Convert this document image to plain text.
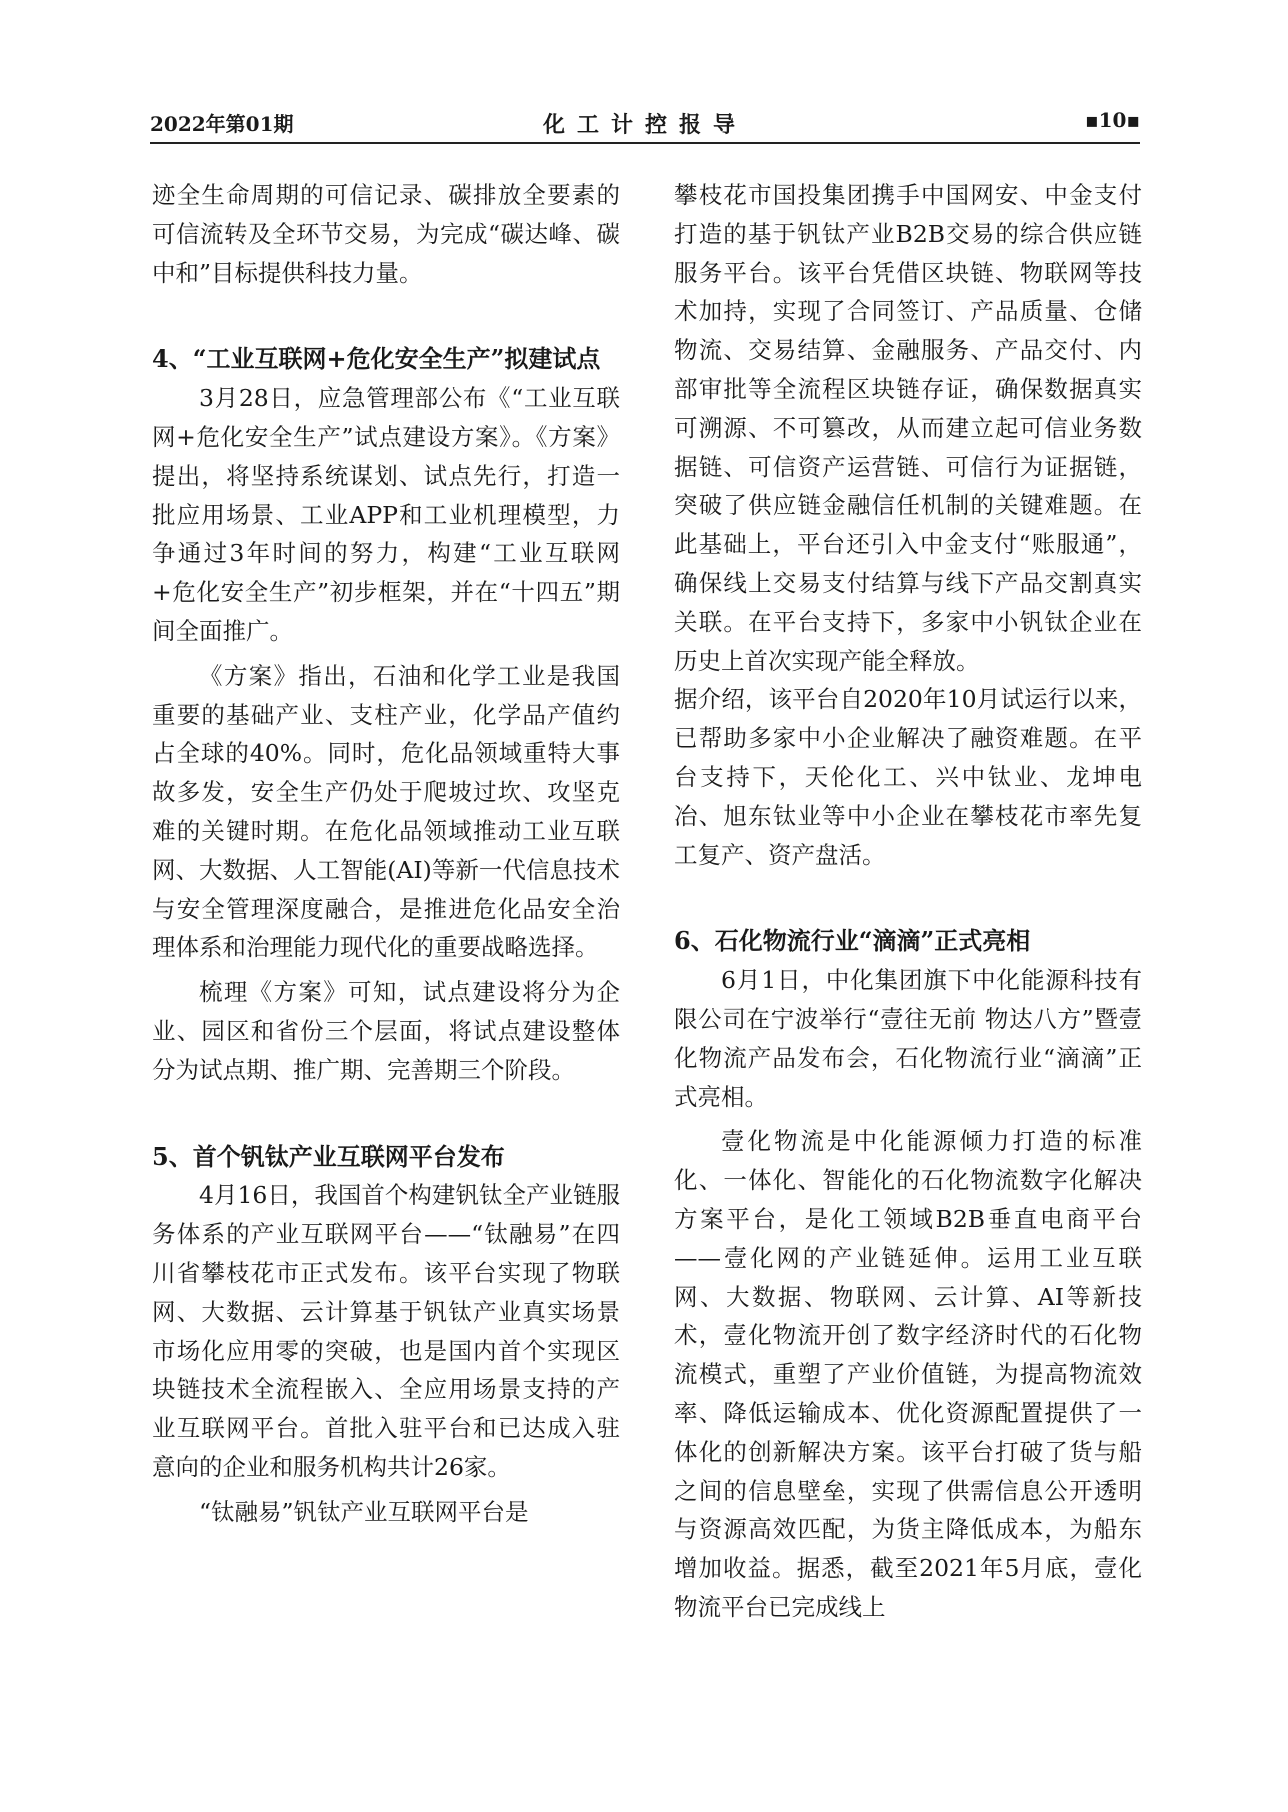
2022年第01期	化工计控报导	▪10▪

迹全生命周期的可信记录、碳排放全要素的可信流转及全环节交易，为完成“碳达峰、碳中和”目标提供科技力量。

4、“工业互联网+危化安全生产”拟建试点

3月28日，应急管理部公布《“工业互联网+危化安全生产”试点建设方案》。《方案》提出，将坚持系统谋划、试点先行，打造一批应用场景、工业APP和工业机理模型，力争通过3年时间的努力，构建“工业互联网+危化安全生产”初步框架，并在“十四五”期间全面推广。

《方案》指出，石油和化学工业是我国重要的基础产业、支柱产业，化学品产值约占全球的40%。同时，危化品领域重特大事故多发，安全生产仍处于爬坡过坎、攻坚克难的关键时期。在危化品领域推动工业互联网、大数据、人工智能(AI)等新一代信息技术与安全管理深度融合，是推进危化品安全治理体系和治理能力现代化的重要战略选择。

梳理《方案》可知，试点建设将分为企业、园区和省份三个层面，将试点建设整体分为试点期、推广期、完善期三个阶段。

5、首个钒钛产业互联网平台发布

4月16日，我国首个构建钒钛全产业链服务体系的产业互联网平台——“钛融易”在四川省攀枝花市正式发布。该平台实现了物联网、大数据、云计算基于钒钛产业真实场景市场化应用零的突破，也是国内首个实现区块链技术全流程嵌入、全应用场景支持的产业互联网平台。首批入驻平台和已达成入驻意向的企业和服务机构共计26家。

“钛融易”钒钛产业互联网平台是

攀枝花市国投集团携手中国网安、中金支付打造的基于钒钛产业B2B交易的综合供应链服务平台。该平台凭借区块链、物联网等技术加持，实现了合同签订、产品质量、仓储物流、交易结算、金融服务、产品交付、内部审批等全流程区块链存证，确保数据真实可溯源、不可篡改，从而建立起可信业务数据链、可信资产运营链、可信行为证据链，突破了供应链金融信任机制的关键难题。在此基础上，平台还引入中金支付“账服通”，确保线上交易支付结算与线下产品交割真实关联。在平台支持下，多家中小钒钛企业在历史上首次实现产能全释放。

据介绍，该平台自2020年10月试运行以来，已帮助多家中小企业解决了融资难题。在平台支持下，天伦化工、兴中钛业、龙坤电冶、旭东钛业等中小企业在攀枝花市率先复工复产、资产盘活。

6、石化物流行业“滴滴”正式亮相

6月1日，中化集团旗下中化能源科技有限公司在宁波举行“壹往无前 物达八方”暨壹化物流产品发布会，石化物流行业“滴滴”正式亮相。

壹化物流是中化能源倾力打造的标准化、一体化、智能化的石化物流数字化解决方案平台，是化工领域B2B垂直电商平台——壹化网的产业链延伸。运用工业互联网、大数据、物联网、云计算、AI等新技术，壹化物流开创了数字经济时代的石化物流模式，重塑了产业价值链，为提高物流效率、降低运输成本、优化资源配置提供了一体化的创新解决方案。该平台打破了货与船之间的信息壁垒，实现了供需信息公开透明与资源高效匹配，为货主降低成本，为船东增加收益。据悉，截至2021年5月底，壹化物流平台已完成线上
